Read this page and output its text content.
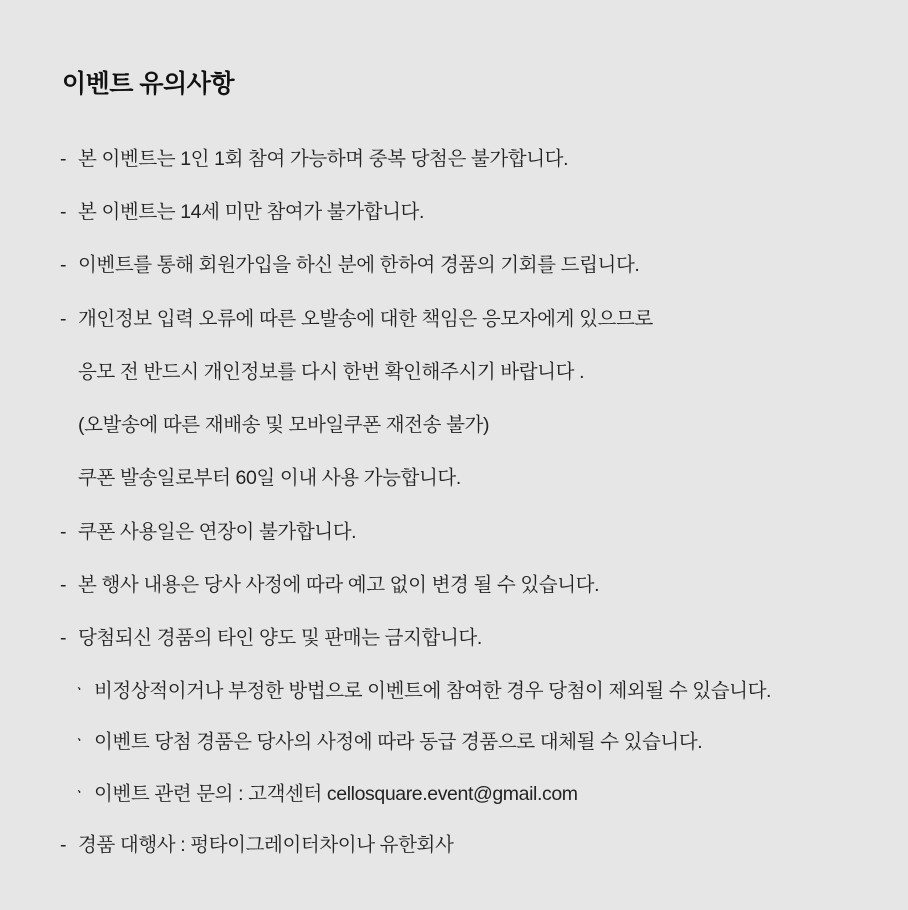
이벤트 유의사항
- 본 이벤트는 1인 1회 참여 가능하며 중복 당첨은 불가합니다.
- 본 이벤트는 14세 미만 참여가 불가합니다.
- 이벤트를 통해 회원가입을 하신 분에 한하여 경품의 기회를 드립니다.
- 개인정보 입력 오류에 따른 오발송에 대한 책임은 응모자에게 있으므로
응모 전 반드시 개인정보를 다시 한번 확인해주시기 바랍니다 .
(오발송에 따른 재배송 및 모바일쿠폰 재전송 불가)
쿠폰 발송일로부터 60일 이내 사용 가능합니다.
- 쿠폰 사용일은 연장이 불가합니다.
- 본 행사 내용은 당사 사정에 따라 예고 없이 변경 될 수 있습니다.
- 당첨되신 경품의 타인 양도 및 판매는 금지합니다.
ㆍ 비정상적이거나 부정한 방법으로 이벤트에 참여한 경우 당첨이 제외될 수 있습니다.
ㆍ 이벤트 당첨 경품은 당사의 사정에 따라 동급 경품으로 대체될 수 있습니다.
ㆍ 이벤트 관련 문의 : 고객센터 cellosquare.event@gmail.com
- 경품 대행사 : 펑타이그레이터차이나 유한회사
